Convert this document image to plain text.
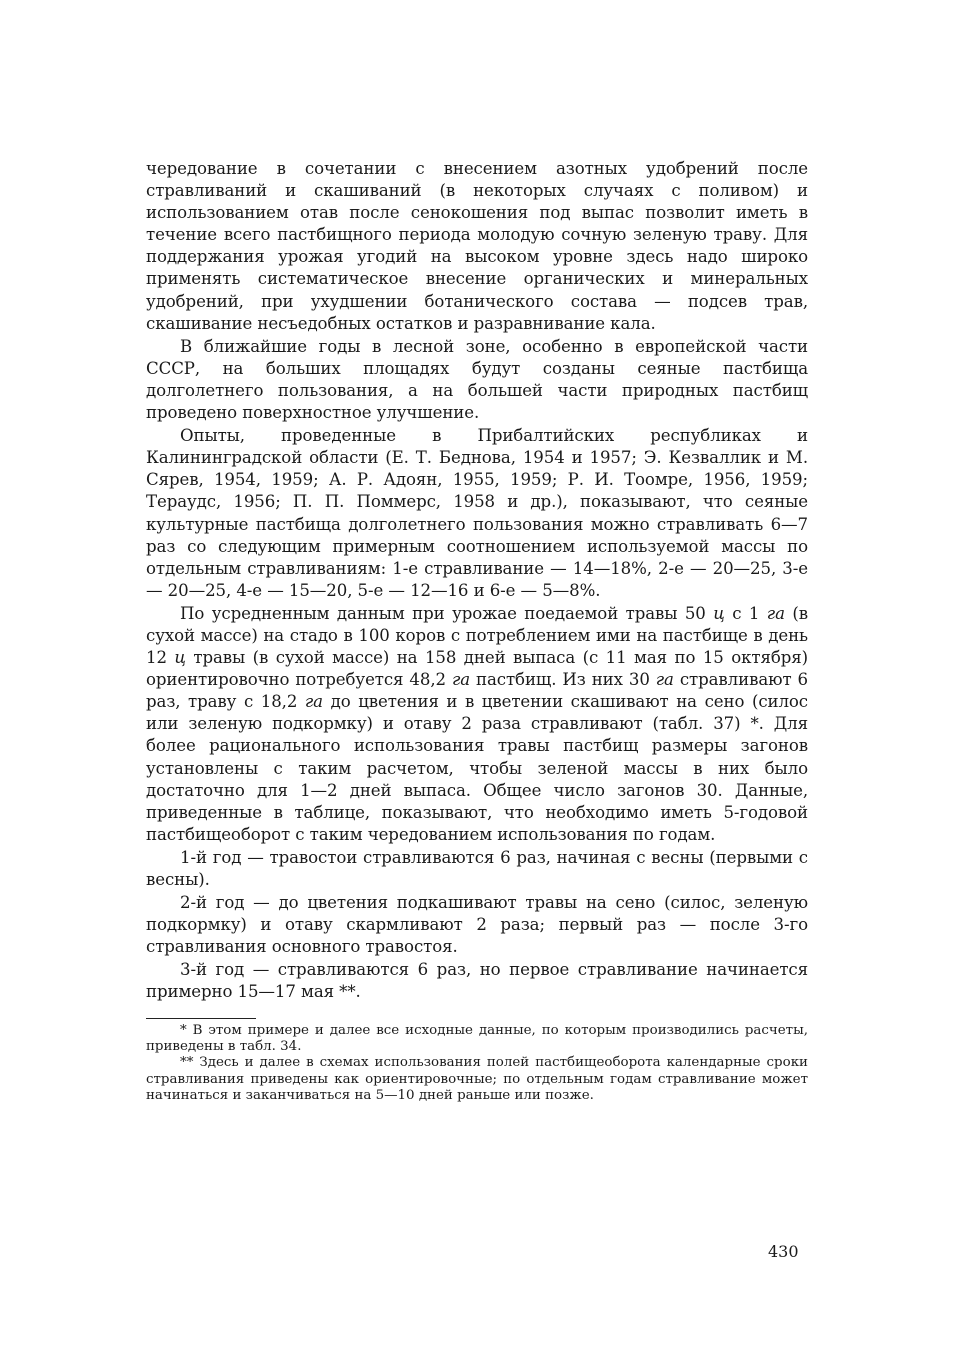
чередование в сочетании с внесением азотных удобрений после стравливаний и скашиваний (в некоторых случаях с поливом) и использованием отав после сенокошения под выпас позволит иметь в течение всего пастбищного периода молодую сочную зеленую траву. Для поддержания урожая угодий на высоком уровне здесь надо широко применять систематическое внесение органических и минеральных удобрений, при ухудшении ботанического состава — подсев трав, скашивание несъедобных остатков и разравнивание кала.

В ближайшие годы в лесной зоне, особенно в европейской части СССР, на больших площадях будут созданы сеяные пастбища долголетнего пользования, а на большей части природных пастбищ проведено поверхностное улучшение.

Опыты, проведенные в Прибалтийских республиках и Калининградской области (Е. Т. Беднова, 1954 и 1957; Э. Кезваллик и М. Сярев, 1954, 1959; А. Р. Адоян, 1955, 1959; Р. И. Тоомре, 1956, 1959; Тераудс, 1956; П. П. Поммерс, 1958 и др.), показывают, что сеяные культурные пастбища долголетнего пользования можно стравливать 6—7 раз со следующим примерным соотношением используемой массы по отдельным стравливаниям: 1-е стравливание — 14—18%, 2-е — 20—25, 3-е — 20—25, 4-е — 15—20, 5-е — 12—16 и 6-е — 5—8%.

По усредненным данным при урожае поедаемой травы 50 ц с 1 га (в сухой массе) на стадо в 100 коров с потреблением ими на пастбище в день 12 ц травы (в сухой массе) на 158 дней выпаса (с 11 мая по 15 октября) ориентировочно потребуется 48,2 га пастбищ. Из них 30 га стравливают 6 раз, траву с 18,2 га до цветения и в цветении скашивают на сено (силос или зеленую подкормку) и отаву 2 раза стравливают (табл. 37) *. Для более рационального использования травы пастбищ размеры загонов установлены с таким расчетом, чтобы зеленой массы в них было достаточно для 1—2 дней выпаса. Общее число загонов 30. Данные, приведенные в таблице, показывают, что необходимо иметь 5-годовой пастбищеоборот с таким чередованием использования по годам.

1-й год — травостои стравливаются 6 раз, начиная с весны (первыми с весны).

2-й год — до цветения подкашивают травы на сено (силос, зеленую подкормку) и отаву скармливают 2 раза; первый раз — после 3-го стравливания основного травостоя.

3-й год — стравливаются 6 раз, но первое стравливание начинается примерно 15—17 мая **.

* В этом примере и далее все исходные данные, по которым производились расчеты, приведены в табл. 34.

** Здесь и далее в схемах использования полей пастбищеоборота календарные сроки стравливания приведены как ориентировочные; по отдельным годам стравливание может начинаться и заканчиваться на 5—10 дней раньше или позже.

430
